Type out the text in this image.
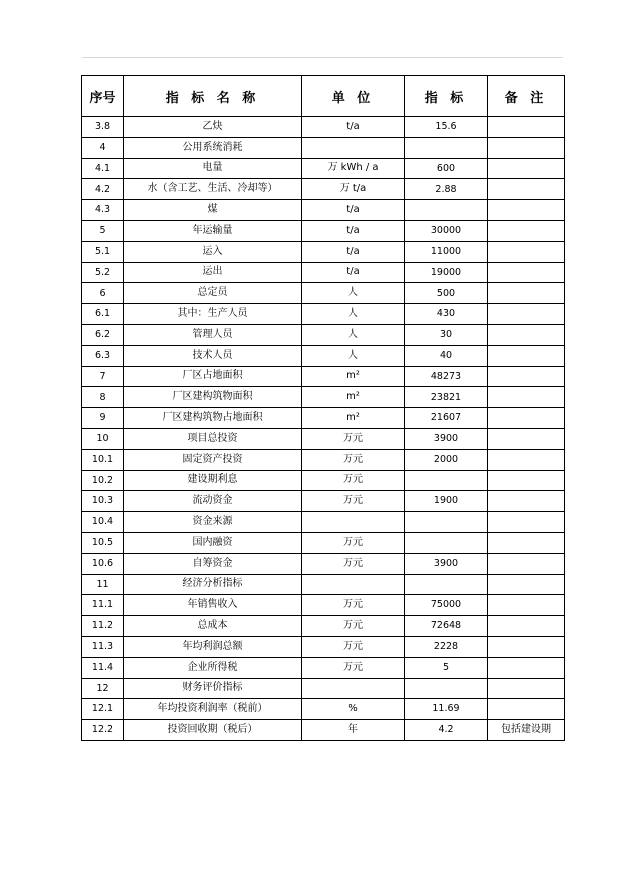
序号	指 标 名 称	单 位	指 标	备 注
3.8	乙炔	t/a	15.6	
4	公用系统消耗			
4.1	电量	万 kWh / a	600	
4.2	水（含工艺、生活、冷却等）	万 t/a	2.88	
4.3	煤	t/a		
5	年运输量	t/a	30000	
5.1	运入	t/a	11000	
5.2	运出	t/a	19000	
6	总定员	人	500	
6.1	其中：生产人员	人	430	
6.2	管理人员	人	30	
6.3	技术人员	人	40	
7	厂区占地面积	m²	48273	
8	厂区建构筑物面积	m²	23821	
9	厂区建构筑物占地面积	m²	21607	
10	项目总投资	万元	3900	
10.1	固定资产投资	万元	2000	
10.2	建设期利息	万元		
10.3	流动资金	万元	1900	
10.4	资金来源			
10.5	国内融资	万元		
10.6	自筹资金	万元	3900	
11	经济分析指标			
11.1	年销售收入	万元	75000	
11.2	总成本	万元	72648	
11.3	年均利润总额	万元	2228	
11.4	企业所得税	万元	5	
12	财务评价指标			
12.1	年均投资利润率（税前）	%	11.69	
12.2	投资回收期（税后）	年	4.2	包括建设期
